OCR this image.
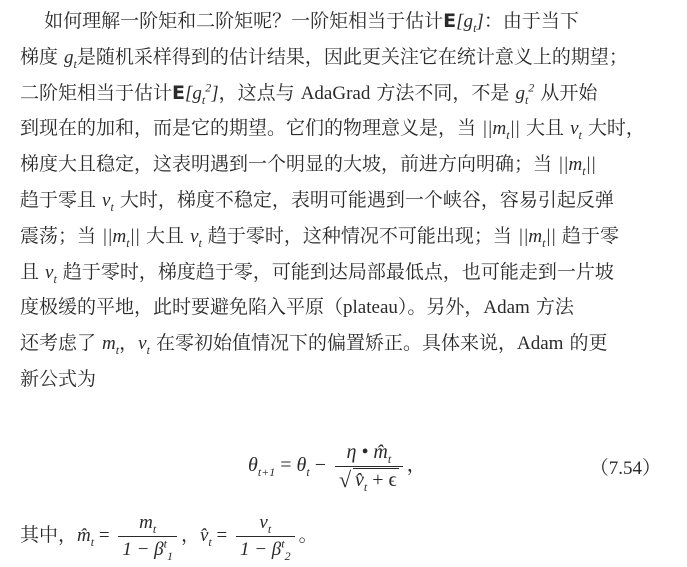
如何理解一阶矩和二阶矩呢？一阶矩相当于估计$E[g_t]$：由于当下
梯度 $g_t$是随机采样得到的估计结果，因此更关注它在统计意义上的期望；
二阶矩相当于估计$E[g_t^2]$，这点与 AdaGrad 方法不同，不是 $g_t^2$ 从开始
到现在的加和，而是它的期望。它们的物理意义是，当 $||m_t||$ 大且 $v_t$ 大时，
梯度大且稳定，这表明遇到一个明显的大坡，前进方向明确；当 $||m_t||$
趋于零且 $v_t$ 大时，梯度不稳定，表明可能遇到一个峡谷，容易引起反弹
震荡；当 $||m_t||$ 大且 $v_t$ 趋于零时，这种情况不可能出现；当 $||m_t||$ 趋于零
且 $v_t$ 趋于零时，梯度趋于零，可能到达局部最低点，也可能走到一片坡
度极缓的平地，此时要避免陷入平原（plateau）。另外，Adam 方法
还考虑了 $m_t$，$v_t$ 在零初始值情况下的偏置矫正。具体来说，Adam 的更
新公式为
$\theta_{t+1} = \theta_t - \frac{\eta • m̂_t}{√ v̂_t + \epsilon}$ ，	（7.54）
其中，$m̂_t = \frac{m_t}{1 - \beta^t_1}$ ，$v̂_t = \frac{v_t}{1 - \beta^t_2}$ 。
